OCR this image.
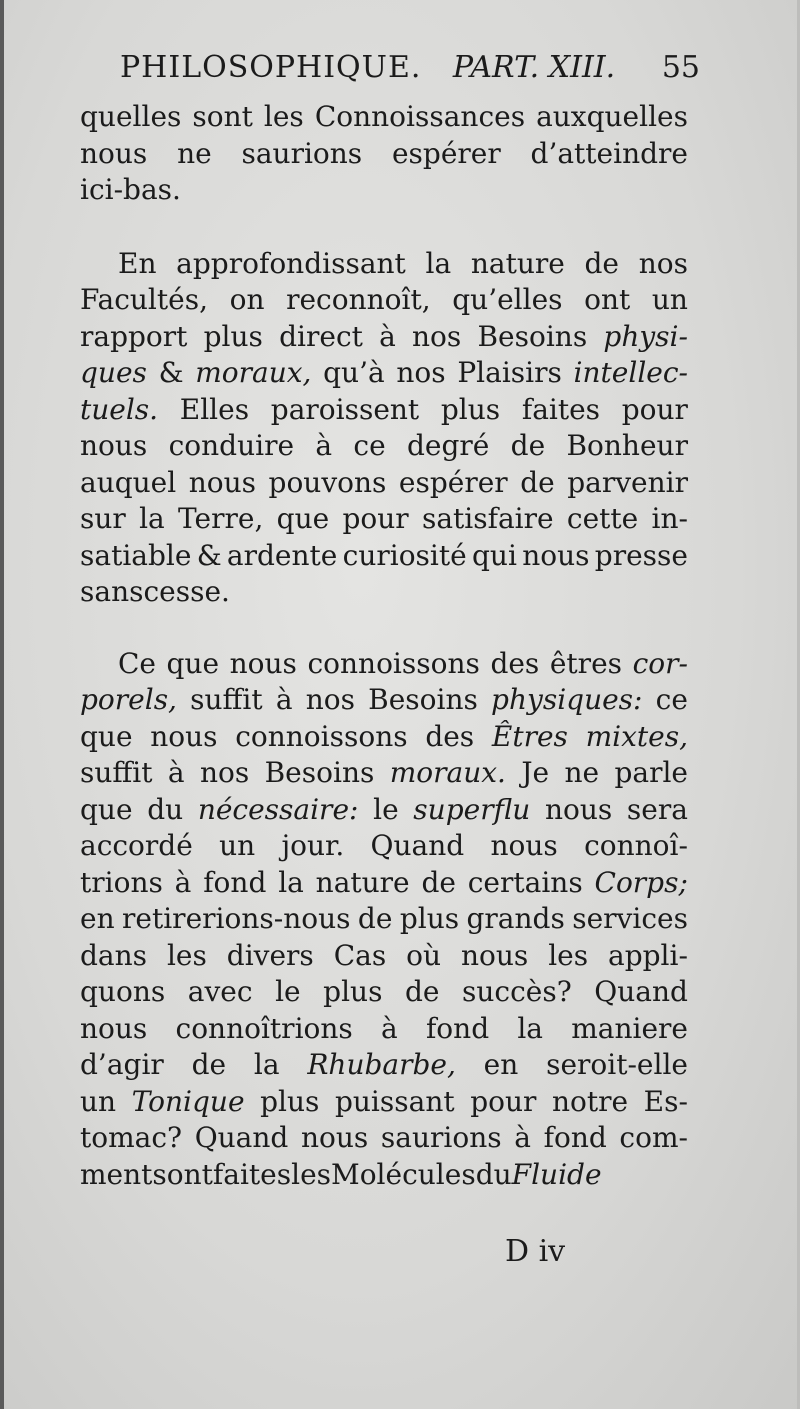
PHILOSOPHIQUE. PART. XIII. 55
quelles sont les Connoissances auxquelles
nous ne saurions espérer d’atteindre
ici-bas.
En approfondissant la nature de nos
Facultés, on reconnoît, qu’elles ont un
rapport plus direct à nos Besoins physi-
ques & moraux, qu’à nos Plaisirs intellec-
tuels. Elles paroissent plus faites pour
nous conduire à ce degré de Bonheur
auquel nous pouvons espérer de parvenir
sur la Terre, que pour satisfaire cette in-
satiable & ardente curiosité qui nous presse
sans cesse.
Ce que nous connoissons des êtres cor-
porels, suffit à nos Besoins physiques: ce
que nous connoissons des Êtres mixtes,
suffit à nos Besoins moraux. Je ne parle
que du nécessaire: le superflu nous sera
accordé un jour. Quand nous connoî-
trions à fond la nature de certains Corps;
en retirerions-nous de plus grands services
dans les divers Cas où nous les appli-
quons avec le plus de succès? Quand
nous connoîtrions à fond la maniere
d’agir de la Rhubarbe, en seroit-elle
un Tonique plus puissant pour notre Es-
tomac? Quand nous saurions à fond com-
ment sont faites les Molécules du Fluide
D iv
